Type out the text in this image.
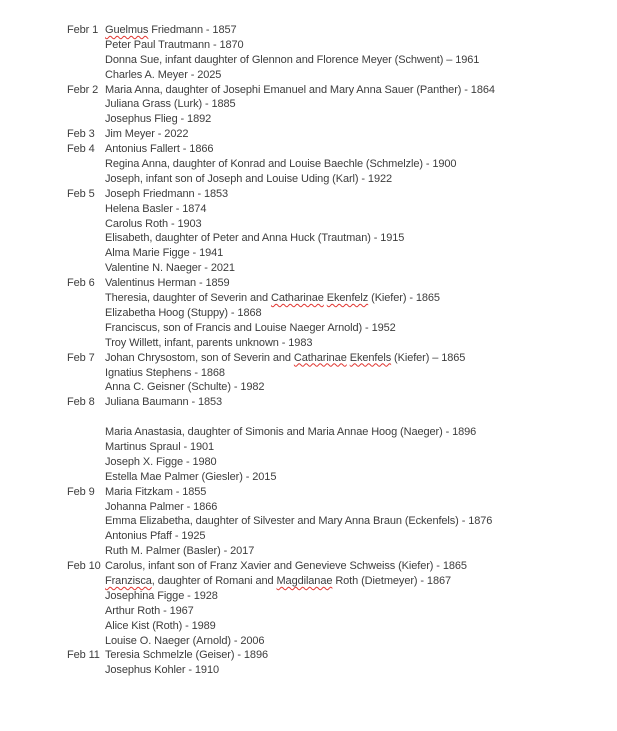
Febr 1 Guelmus Friedmann - 1857
Peter Paul Trautmann - 1870
Donna Sue, infant daughter of Glennon and Florence Meyer (Schwent) – 1961
Charles A. Meyer - 2025
Febr 2 Maria Anna, daughter of Josephi Emanuel and Mary Anna Sauer (Panther) - 1864
Juliana Grass (Lurk) - 1885
Josephus Flieg - 1892
Feb 3 Jim Meyer - 2022
Feb 4 Antonius Fallert - 1866
Regina Anna, daughter of Konrad and Louise Baechle (Schmelzle) - 1900
Joseph, infant son of Joseph and Louise Uding (Karl) - 1922
Feb 5 Joseph Friedmann - 1853
Helena Basler - 1874
Carolus Roth - 1903
Elisabeth, daughter of Peter and Anna Huck (Trautman) - 1915
Alma Marie Figge - 1941
Valentine N. Naeger - 2021
Feb 6 Valentinus Herman - 1859
Theresia, daughter of Severin and Catharinae Ekenfelz (Kiefer) - 1865
Elizabetha Hoog (Stuppy) - 1868
Franciscus, son of Francis and Louise Naeger Arnold) - 1952
Troy Willett, infant, parents unknown - 1983
Feb 7 Johan Chrysostom, son of Severin and Catharinae Ekenfels (Kiefer) – 1865
Ignatius Stephens - 1868
Anna C. Geisner (Schulte) - 1982
Feb 8 Juliana Baumann - 1853

Maria Anastasia, daughter of Simonis and Maria Annae Hoog (Naeger) - 1896
Martinus Spraul - 1901
Joseph X. Figge - 1980
Estella Mae Palmer (Giesler) - 2015
Feb 9 Maria Fitzkam - 1855
Johanna Palmer - 1866
Emma Elizabetha, daughter of Silvester and Mary Anna Braun (Eckenfels) - 1876
Antonius Pfaff - 1925
Ruth M. Palmer (Basler) - 2017
Feb 10 Carolus, infant son of Franz Xavier and Genevieve Schweiss (Kiefer) - 1865
Franzisca, daughter of Romani and Magdilanae Roth (Dietmeyer) - 1867
Josephina Figge - 1928
Arthur Roth - 1967
Alice Kist (Roth) - 1989
Louise O. Naeger (Arnold) - 2006
Feb 11 Teresia Schmelzle (Geiser) - 1896
Josephus Kohler - 1910
